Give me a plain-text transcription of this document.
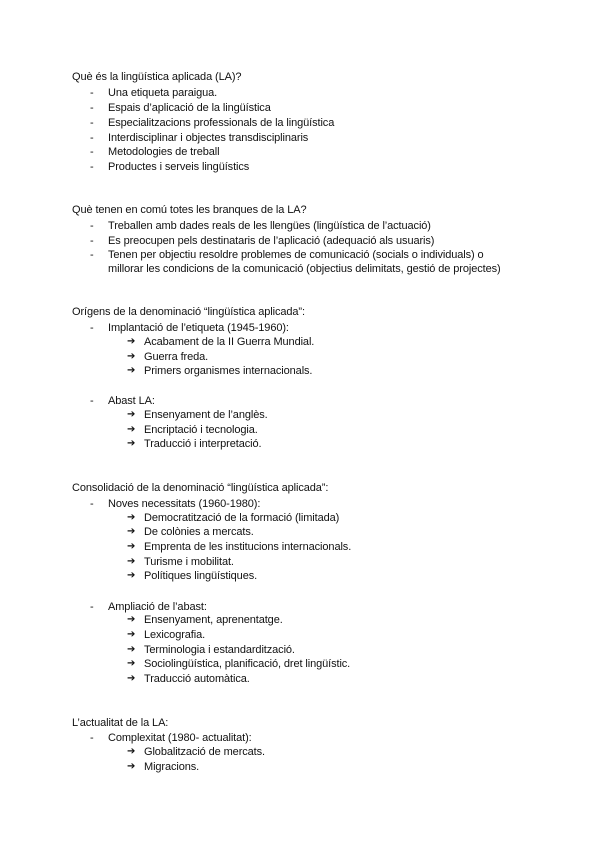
Què és la lingüística aplicada (LA)?
- Una etiqueta paraigua.
- Espais d’aplicació de la lingüística
- Especialitzacions professionals de la lingüística
- Interdisciplinar i objectes transdisciplinaris
- Metodologies de treball
- Productes i serveis lingüístics
Què tenen en comú totes les branques de la LA?
- Treballen amb dades reals de les llengües (lingüística de l’actuació)
- Es preocupen pels destinataris de l’aplicació (adequació als usuaris)
- Tenen per objectiu resoldre problemes de comunicació (socials o individuals) o
millorar les condicions de la comunicació (objectius delimitats, gestió de projectes)
Orígens de la denominació “lingüística aplicada”:
- Implantació de l’etiqueta (1945-1960):
➔ Acabament de la II Guerra Mundial.
➔ Guerra freda.
➔ Primers organismes internacionals.
- Abast LA:
➔ Ensenyament de l’anglès.
➔ Encriptació i tecnologia.
➔ Traducció i interpretació.
Consolidació de la denominació “lingüística aplicada”:
- Noves necessitats (1960-1980):
➔ Democratització de la formació (limitada)
➔ De colònies a mercats.
➔ Emprenta de les institucions internacionals.
➔ Turisme i mobilitat.
➔ Polítiques lingüístiques.
- Ampliació de l’abast:
➔ Ensenyament, aprenentatge.
➔ Lexicografia.
➔ Terminologia i estandardització.
➔ Sociolingüística, planificació, dret lingüístic.
➔ Traducció automàtica.
L’actualitat de la LA:
- Complexitat (1980- actualitat):
➔ Globalització de mercats.
➔ Migracions.
